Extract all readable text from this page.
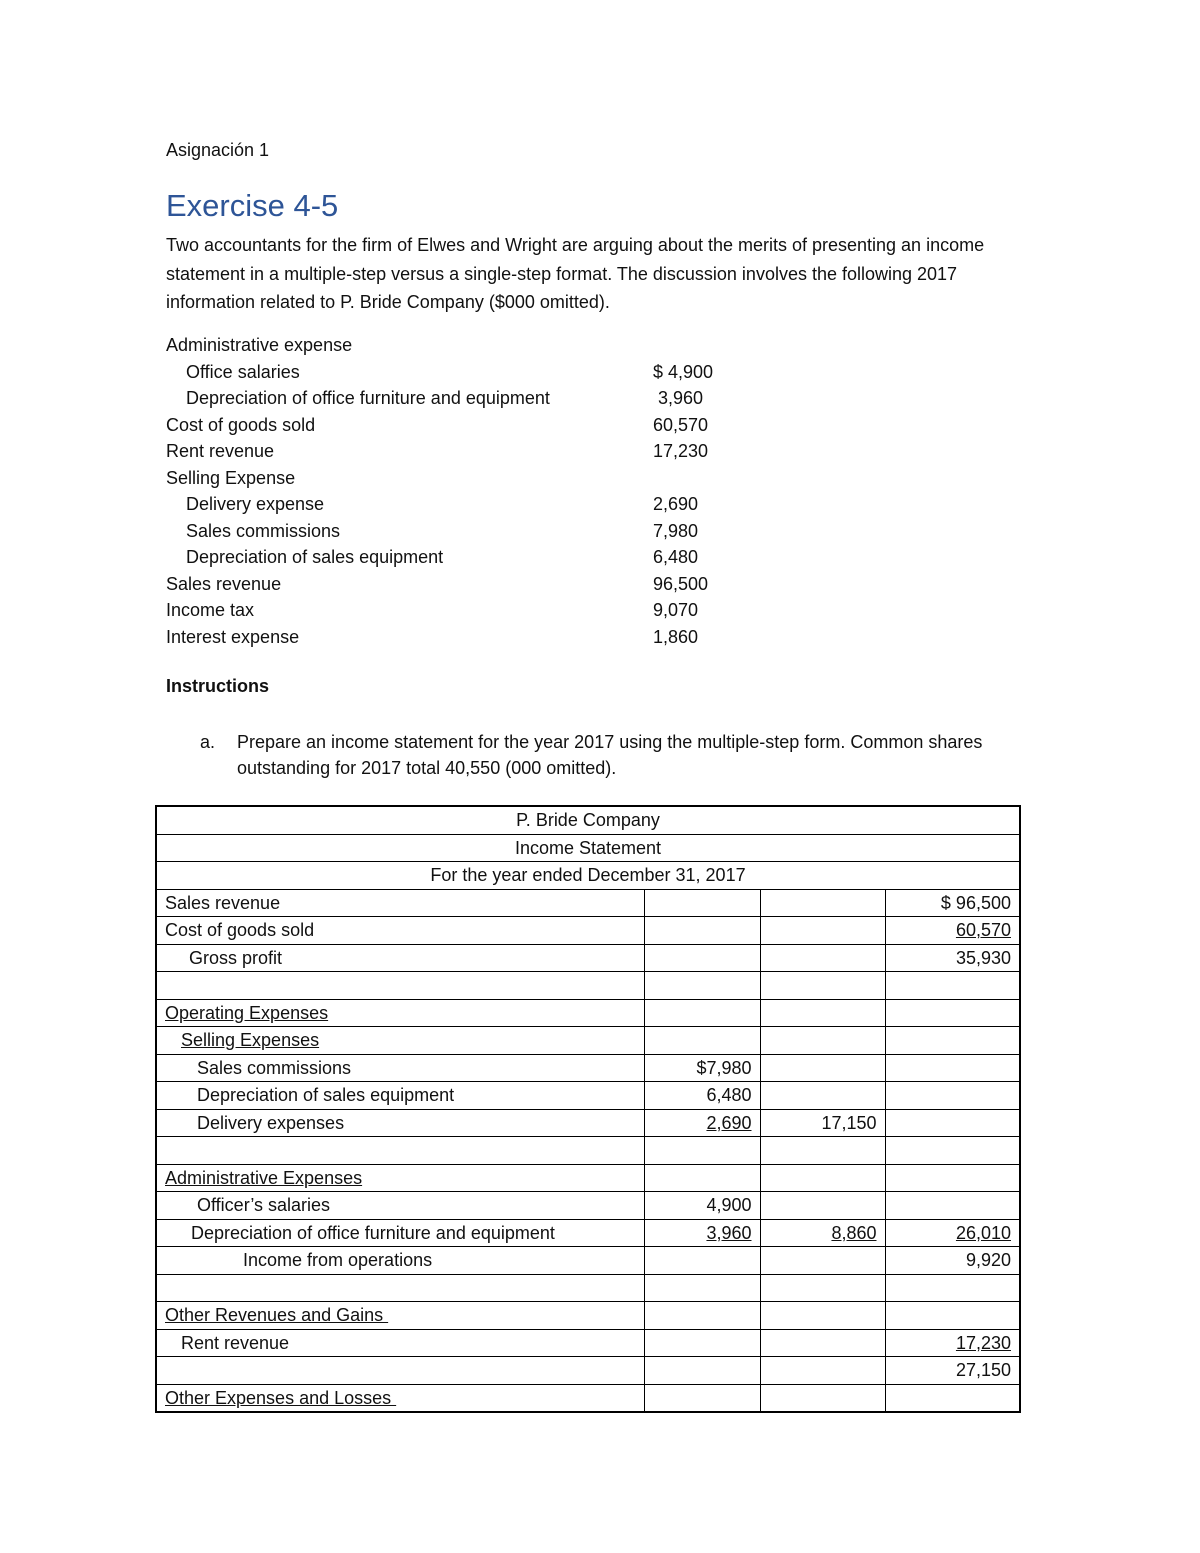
Asignación 1
Exercise 4-5
Two accountants for the firm of Elwes and Wright are arguing about the merits of presenting an income statement in a multiple-step versus a single-step format. The discussion involves the following 2017 information related to P. Bride Company ($000 omitted).
Administrative expense
Office salaries	$ 4,900
Depreciation of office furniture and equipment	3,960
Cost of goods sold	60,570
Rent revenue	17,230
Selling Expense
Delivery expense	2,690
Sales commissions	7,980
Depreciation of sales equipment	6,480
Sales revenue	96,500
Income tax	9,070
Interest expense	1,860
Instructions
a. Prepare an income statement for the year 2017 using the multiple-step form. Common shares outstanding for 2017 total 40,550 (000 omitted).
P. Bride Company			
Income Statement			
For the year ended December 31, 2017			
Sales revenue			$ 96,500
Cost of goods sold			60,570
Gross profit			35,930

Operating Expenses			
Selling Expenses			
Sales commissions	$7,980		
Depreciation of sales equipment	6,480		
Delivery expenses	2,690	17,150	

Administrative Expenses			
Officer’s salaries	4,900		
Depreciation of office furniture and equipment	3,960	8,860	26,010
Income from operations			9,920

Other Revenues and Gains			
Rent revenue			17,230
			27,150
Other Expenses and Losses			
